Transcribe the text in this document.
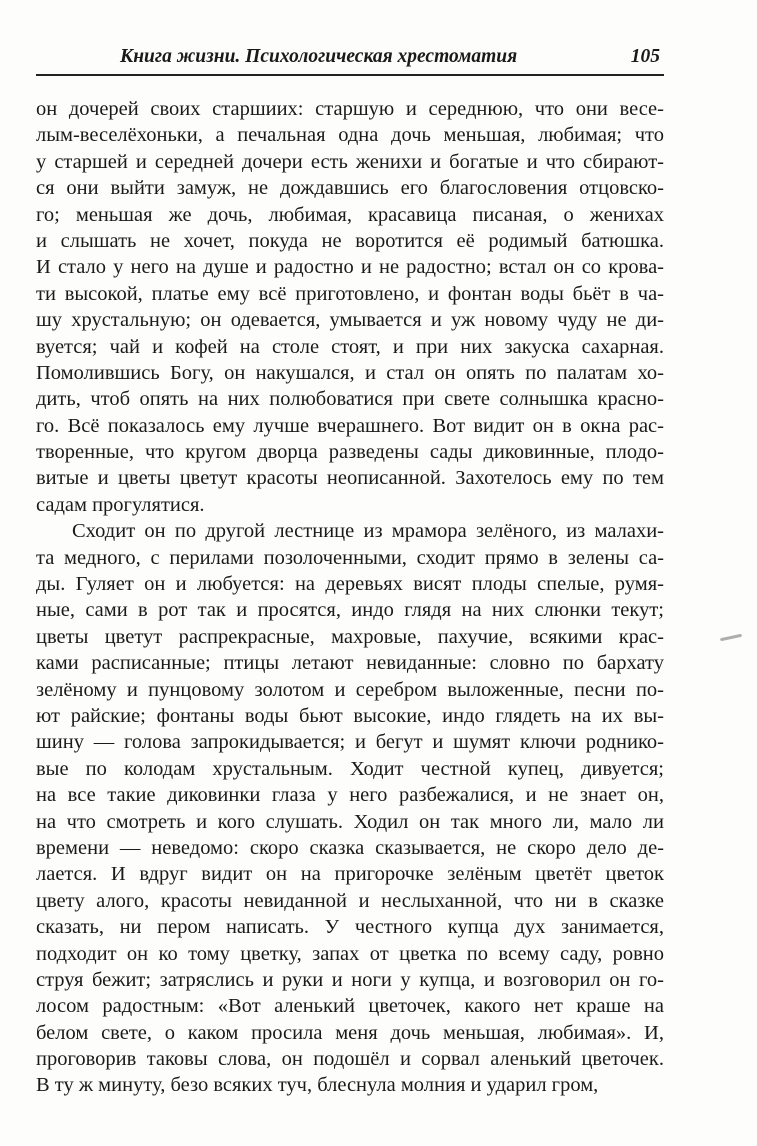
Книга жизни. Психологическая хрестоматия	105
он дочерей своих старшиих: старшую и середнюю, что они весе-
лым-веселёхоньки, а печальная одна дочь меньшая, любимая; что
у старшей и середней дочери есть женихи и богатые и что сбирают-
ся они выйти замуж, не дождавшись его благословения отцовско-
го; меньшая же дочь, любимая, красавица писаная, о женихах
и слышать не хочет, покуда не воротится её родимый батюшка.
И стало у него на душе и радостно и не радостно; встал он со крова-
ти высокой, платье ему всё приготовлено, и фонтан воды бьёт в ча-
шу хрустальную; он одевается, умывается и уж новому чуду не ди-
вуется; чай и кофей на столе стоят, и при них закуска сахарная.
Помолившись Богу, он накушался, и стал он опять по палатам хо-
дить, чтоб опять на них полюбоватися при свете солнышка красно-
го. Всё показалось ему лучше вчерашнего. Вот видит он в окна рас-
творенные, что кругом дворца разведены сады диковинные, плодо-
витые и цветы цветут красоты неописанной. Захотелось ему по тем
садам прогулятися.
Сходит он по другой лестнице из мрамора зелёного, из малахи-
та медного, с перилами позолоченными, сходит прямо в зелены са-
ды. Гуляет он и любуется: на деревьях висят плоды спелые, румя-
ные, сами в рот так и просятся, индо глядя на них слюнки текут;
цветы цветут распрекрасные, махровые, пахучие, всякими крас-
ками расписанные; птицы летают невиданные: словно по бархату
зелёному и пунцовому золотом и серебром выложенные, песни по-
ют райские; фонтаны воды бьют высокие, индо глядеть на их вы-
шину — голова запрокидывается; и бегут и шумят ключи роднико-
вые по колодам хрустальным. Ходит честной купец, дивуется;
на все такие диковинки глаза у него разбежалися, и не знает он,
на что смотреть и кого слушать. Ходил он так много ли, мало ли
времени — неведомо: скоро сказка сказывается, не скоро дело де-
лается. И вдруг видит он на пригорочке зелёным цветёт цветок
цвету алого, красоты невиданной и неслыханной, что ни в сказке
сказать, ни пером написать. У честного купца дух занимается,
подходит он ко тому цветку, запах от цветка по всему саду, ровно
струя бежит; затряслись и руки и ноги у купца, и возговорил он го-
лосом радостным: «Вот аленький цветочек, какого нет краше на
белом свете, о каком просила меня дочь меньшая, любимая». И,
проговорив таковы слова, он подошёл и сорвал аленький цветочек.
В ту ж минуту, безо всяких туч, блеснула молния и ударил гром,
